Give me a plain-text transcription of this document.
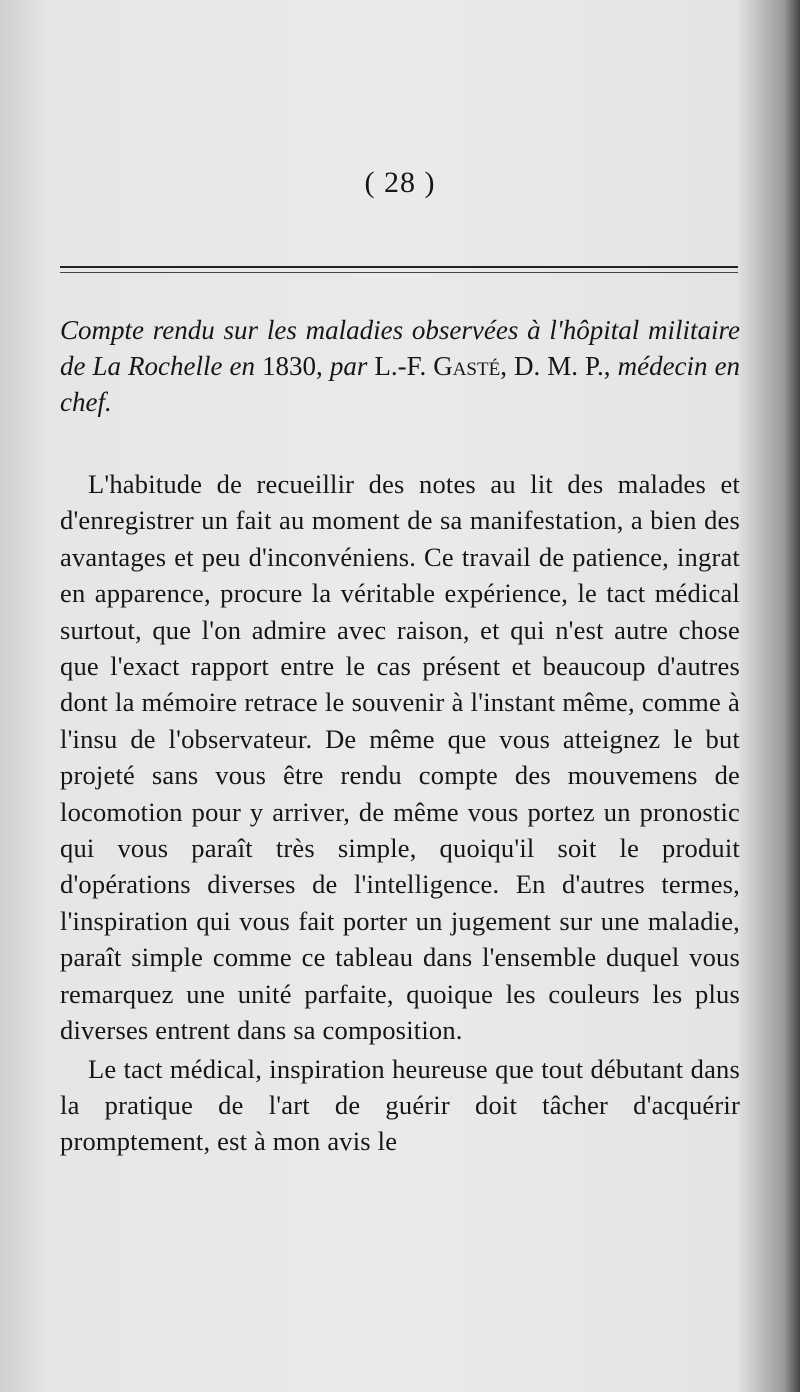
( 28 )
Compte rendu sur les maladies observées à l'hôpital militaire de La Rochelle en 1830, par L.-F. Gasté, D. M. P., médecin en chef.

L'habitude de recueillir des notes au lit des malades et d'enregistrer un fait au moment de sa manifestation, a bien des avantages et peu d'inconvéniens. Ce travail de patience, ingrat en apparence, procure la véritable expérience, le tact médical surtout, que l'on admire avec raison, et qui n'est autre chose que l'exact rapport entre le cas présent et beaucoup d'autres dont la mémoire retrace le souvenir à l'instant même, comme à l'insu de l'observateur. De même que vous atteignez le but projeté sans vous être rendu compte des mouvemens de locomotion pour y arriver, de même vous portez un pronostic qui vous paraît très simple, quoiqu'il soit le produit d'opérations diverses de l'intelligence. En d'autres termes, l'inspiration qui vous fait porter un jugement sur une maladie, paraît simple comme ce tableau dans l'ensemble duquel vous remarquez une unité parfaite, quoique les couleurs les plus diverses entrent dans sa composition.

Le tact médical, inspiration heureuse que tout débutant dans la pratique de l'art de guérir doit tâcher d'acquérir promptement, est à mon avis le
